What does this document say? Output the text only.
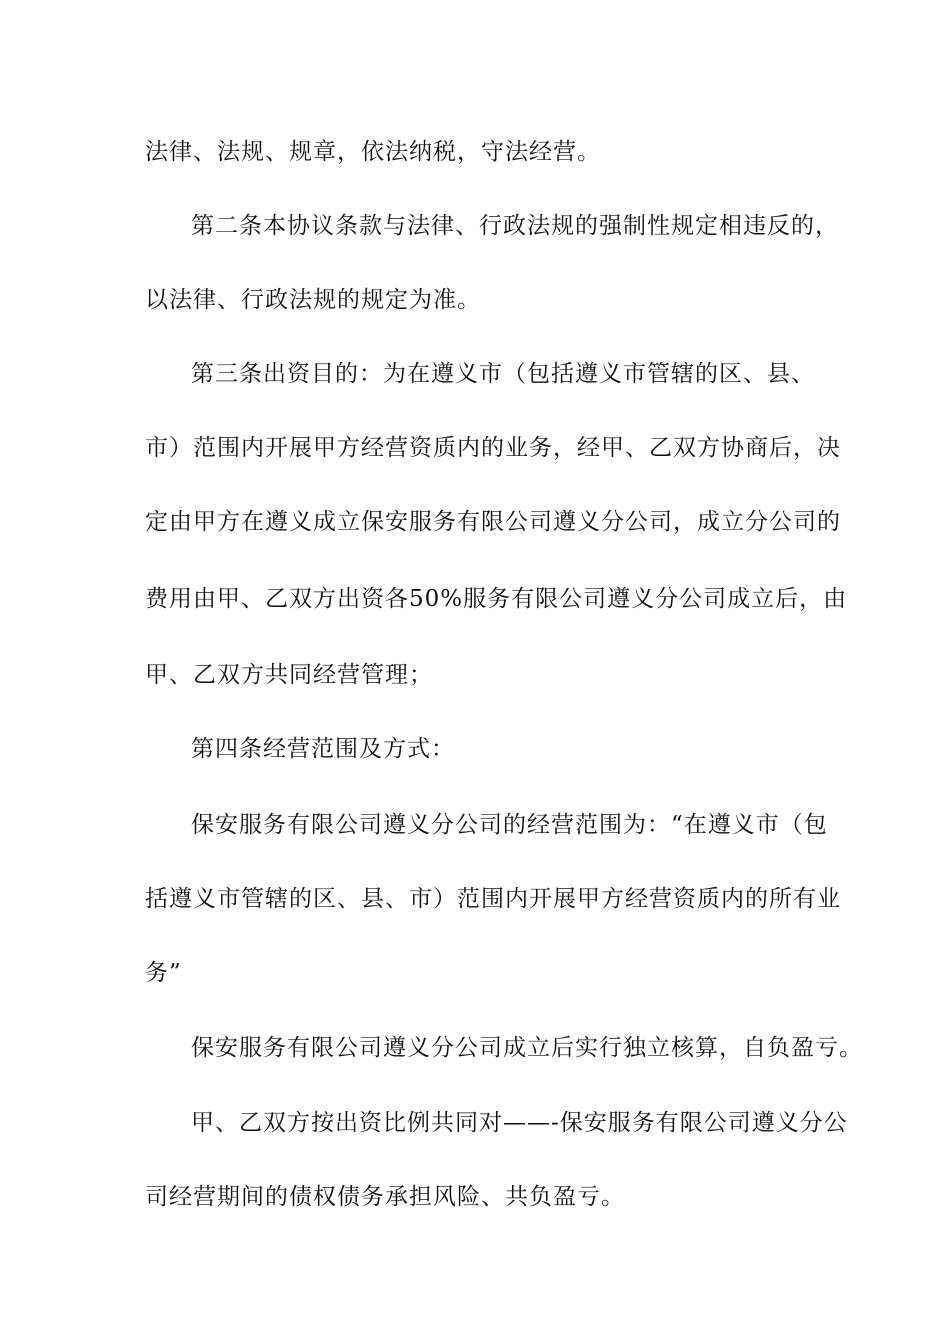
法律、法规、规章，依法纳税，守法经营。
第二条本协议条款与法律、行政法规的强制性规定相违反的，
以法律、行政法规的规定为准。
第三条出资目的：为在遵义市（包括遵义市管辖的区、县、
市）范围内开展甲方经营资质内的业务，经甲、乙双方协商后，决
定由甲方在遵义成立保安服务有限公司遵义分公司，成立分公司的
费用由甲、乙双方出资各50%服务有限公司遵义分公司成立后，由
甲、乙双方共同经营管理；
第四条经营范围及方式：
保安服务有限公司遵义分公司的经营范围为：“在遵义市（包
括遵义市管辖的区、县、市）范围内开展甲方经营资质内的所有业
务”
保安服务有限公司遵义分公司成立后实行独立核算，自负盈亏。
甲、乙双方按出资比例共同对——-保安服务有限公司遵义分公
司经营期间的债权债务承担风险、共负盈亏。
